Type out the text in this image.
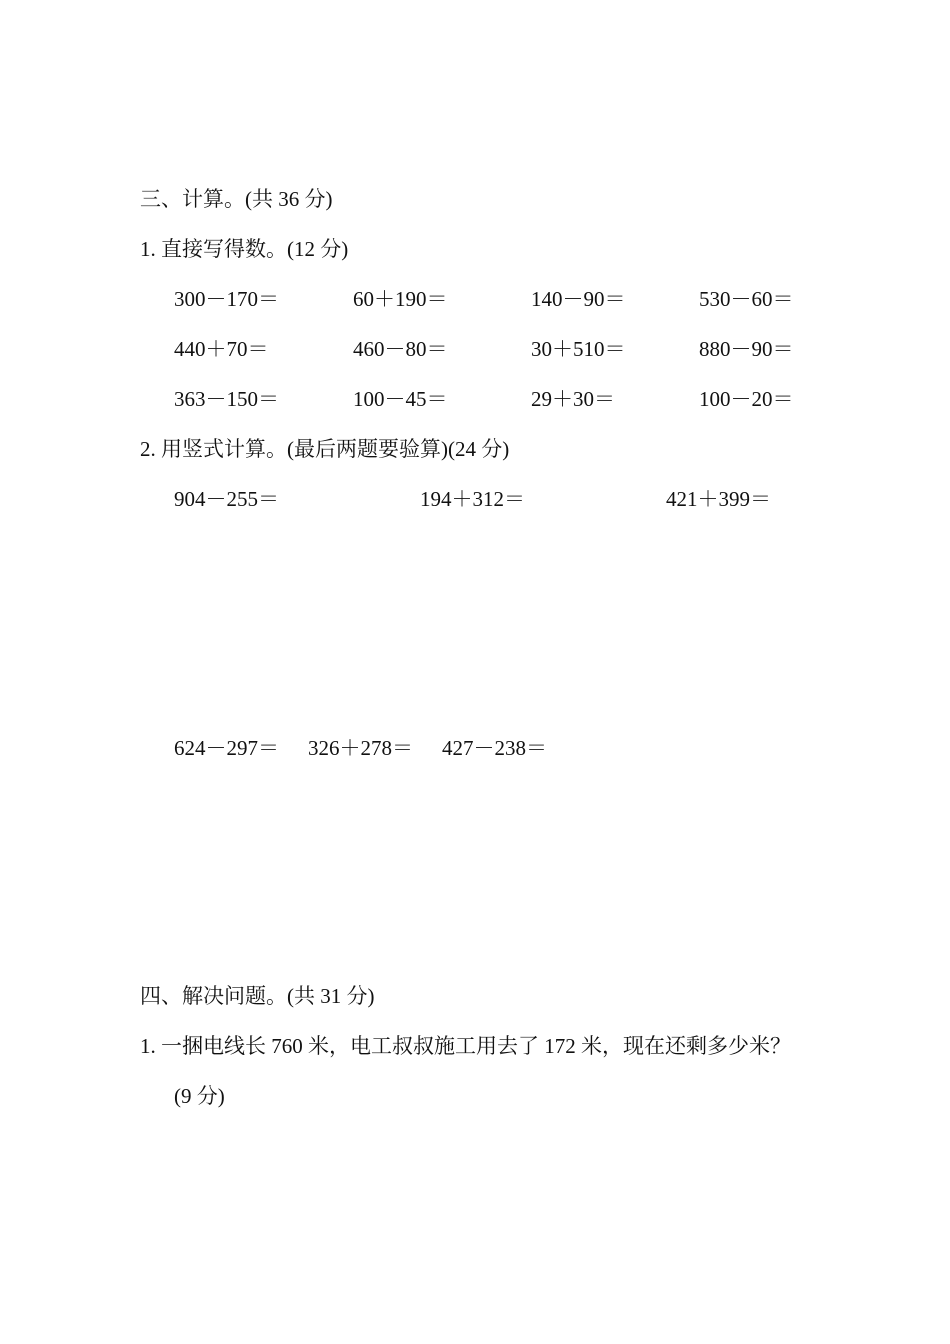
三、计算。(共 36 分)
1. 直接写得数。(12 分)
300－170＝	60＋190＝	140－90＝	530－60＝
440＋70＝	460－80＝	30＋510＝	880－90＝
363－150＝	100－45＝	29＋30＝	100－20＝
2. 用竖式计算。(最后两题要验算)(24 分)
904－255＝	194＋312＝	421＋399＝
624－297＝ 326＋278＝ 427－238＝
四、解决问题。(共 31 分)
1. 一捆电线长 760 米，电工叔叔施工用去了 172 米，现在还剩多少米？
(9 分)
